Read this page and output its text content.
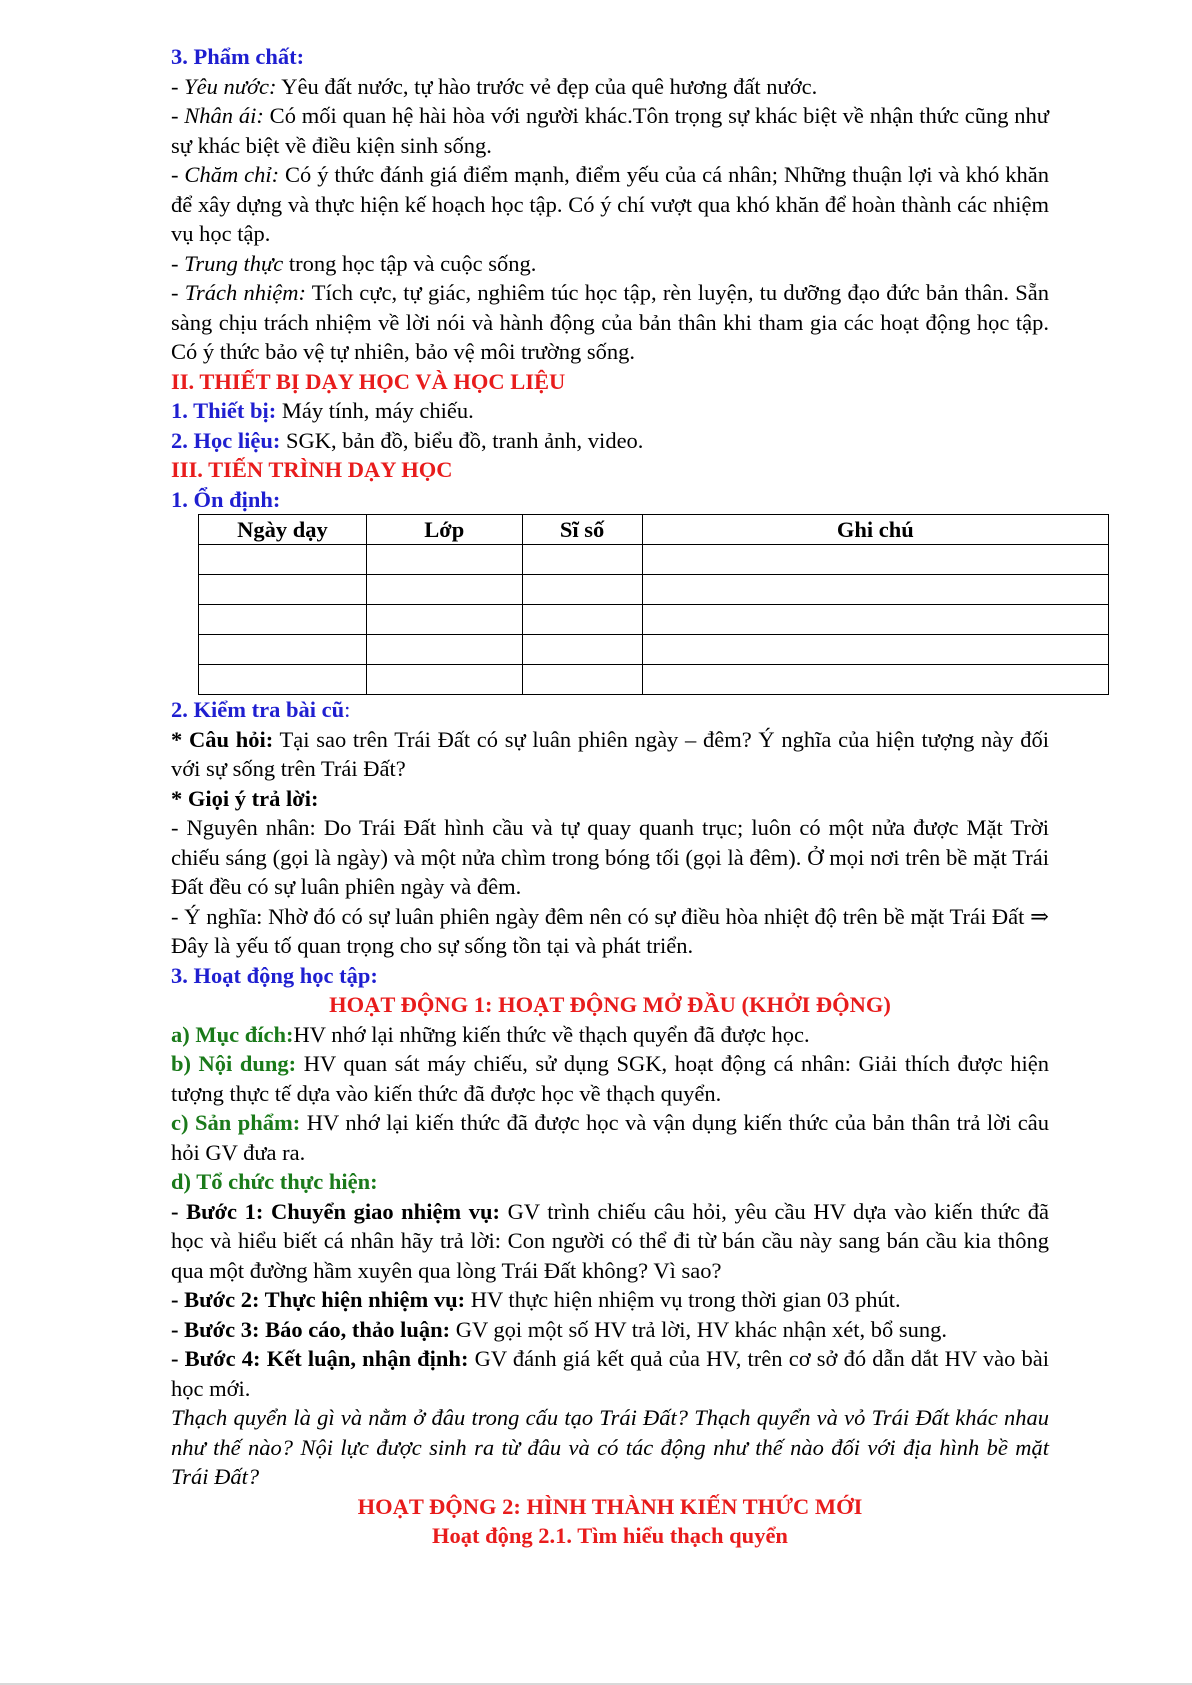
3. Phẩm chất:

- Yêu nước: Yêu đất nước, tự hào trước vẻ đẹp của quê hương đất nước.

- Nhân ái: Có mối quan hệ hài hòa với người khác.Tôn trọng sự khác biệt về nhận thức cũng như sự khác biệt về điều kiện sinh sống.

- Chăm chỉ: Có ý thức đánh giá điểm mạnh, điểm yếu của cá nhân; Những thuận lợi và khó khăn để xây dựng và thực hiện kế hoạch học tập. Có ý chí vượt qua khó khăn để hoàn thành các nhiệm vụ học tập.

- Trung thực trong học tập và cuộc sống.

- Trách nhiệm: Tích cực, tự giác, nghiêm túc học tập, rèn luyện, tu dưỡng đạo đức bản thân. Sẵn sàng chịu trách nhiệm về lời nói và hành động của bản thân khi tham gia các hoạt động học tập. Có ý thức bảo vệ tự nhiên, bảo vệ môi trường sống.

II. THIẾT BỊ DẠY HỌC VÀ HỌC LIỆU

1. Thiết bị: Máy tính, máy chiếu.

2. Học liệu: SGK, bản đồ, biểu đồ, tranh ảnh, video.

III. TIẾN TRÌNH DẠY HỌC

1. Ổn định:

Ngày dạy	Lớp	Sĩ số	Ghi chú

2. Kiểm tra bài cũ:

* Câu hỏi: Tại sao trên Trái Đất có sự luân phiên ngày – đêm? Ý nghĩa của hiện tượng này đối với sự sống trên Trái Đất?

* Giọi ý trả lời:

- Nguyên nhân: Do Trái Đất hình cầu và tự quay quanh trục; luôn có một nửa được Mặt Trời chiếu sáng (gọi là ngày) và một nửa chìm trong bóng tối (gọi là đêm). Ở mọi nơi trên bề mặt Trái Đất đều có sự luân phiên ngày và đêm.

- Ý nghĩa: Nhờ đó có sự luân phiên ngày đêm nên có sự điều hòa nhiệt độ trên bề mặt Trái Đất ⇒ Đây là yếu tố quan trọng cho sự sống tồn tại và phát triển.

3. Hoạt động học tập:

HOẠT ĐỘNG 1: HOẠT ĐỘNG MỞ ĐẦU (KHỞI ĐỘNG)

a) Mục đích:HV nhớ lại những kiến thức về thạch quyển đã được học.

b) Nội dung: HV quan sát máy chiếu, sử dụng SGK, hoạt động cá nhân: Giải thích được hiện tượng thực tế dựa vào kiến thức đã được học về thạch quyển.

c) Sản phẩm: HV nhớ lại kiến thức đã được học và vận dụng kiến thức của bản thân trả lời câu hỏi GV đưa ra.

d) Tổ chức thực hiện:

- Bước 1: Chuyển giao nhiệm vụ: GV trình chiếu câu hỏi, yêu cầu HV dựa vào kiến thức đã học và hiểu biết cá nhân hãy trả lời: Con người có thể đi từ bán cầu này sang bán cầu kia thông qua một đường hầm xuyên qua lòng Trái Đất không? Vì sao?

- Bước 2: Thực hiện nhiệm vụ: HV thực hiện nhiệm vụ trong thời gian 03 phút.

- Bước 3: Báo cáo, thảo luận: GV gọi một số HV trả lời, HV khác nhận xét, bổ sung.

- Bước 4: Kết luận, nhận định: GV đánh giá kết quả của HV, trên cơ sở đó dẫn dắt HV vào bài học mới.

Thạch quyển là gì và nằm ở đâu trong cấu tạo Trái Đất? Thạch quyển và vỏ Trái Đất khác nhau như thế nào? Nội lực được sinh ra từ đâu và có tác động như thế nào đối với địa hình bề mặt Trái Đất?

HOẠT ĐỘNG 2: HÌNH THÀNH KIẾN THỨC MỚI

Hoạt động 2.1. Tìm hiểu thạch quyển
